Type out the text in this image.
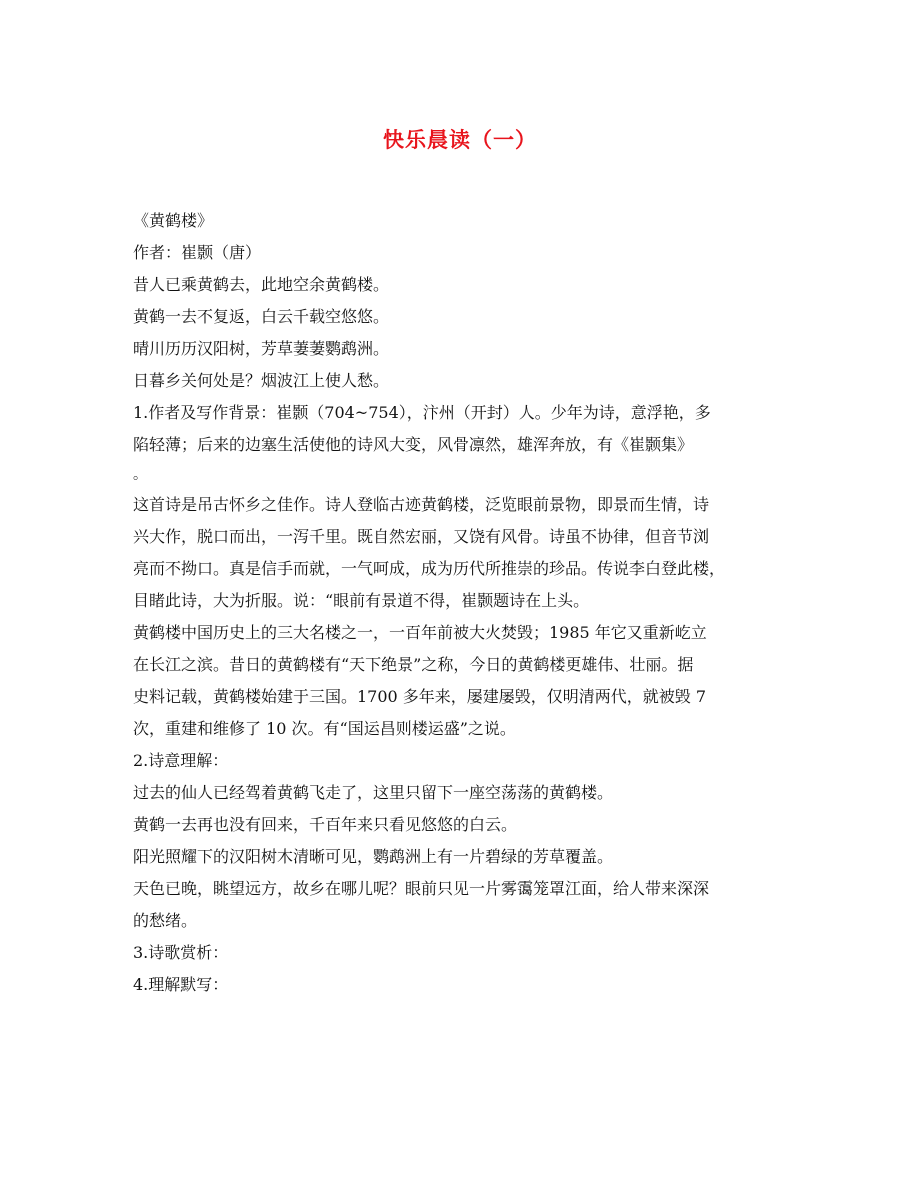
快乐晨读（一）
《黄鹤楼》
作者：崔颢（唐）
昔人已乘黄鹤去，此地空余黄鹤楼。
黄鹤一去不复返，白云千载空悠悠。
晴川历历汉阳树，芳草萋萋鹦鹉洲。
日暮乡关何处是？烟波江上使人愁。
1.作者及写作背景：崔颢（704~754），汴州（开封）人。少年为诗，意浮艳，多
陷轻薄；后来的边塞生活使他的诗风大变，风骨凛然，雄浑奔放，有《崔颢集》
。
这首诗是吊古怀乡之佳作。诗人登临古迹黄鹤楼，泛览眼前景物，即景而生情，诗
兴大作，脱口而出，一泻千里。既自然宏丽，又饶有风骨。诗虽不协律，但音节浏
亮而不拗口。真是信手而就，一气呵成，成为历代所推崇的珍品。传说李白登此楼，
目睹此诗，大为折服。说：“眼前有景道不得，崔颢题诗在上头。
黄鹤楼中国历史上的三大名楼之一，一百年前被大火焚毁；1985 年它又重新屹立
在长江之滨。昔日的黄鹤楼有“天下绝景”之称，今日的黄鹤楼更雄伟、壮丽。据
史料记载，黄鹤楼始建于三国。1700 多年来，屡建屡毁，仅明清两代，就被毁 7
次，重建和维修了 10 次。有“国运昌则楼运盛”之说。
2.诗意理解：
过去的仙人已经驾着黄鹤飞走了，这里只留下一座空荡荡的黄鹤楼。
黄鹤一去再也没有回来，千百年来只看见悠悠的白云。
阳光照耀下的汉阳树木清晰可见，鹦鹉洲上有一片碧绿的芳草覆盖。
天色已晚，眺望远方，故乡在哪儿呢？眼前只见一片雾霭笼罩江面，给人带来深深
的愁绪。
3.诗歌赏析：
4.理解默写：
